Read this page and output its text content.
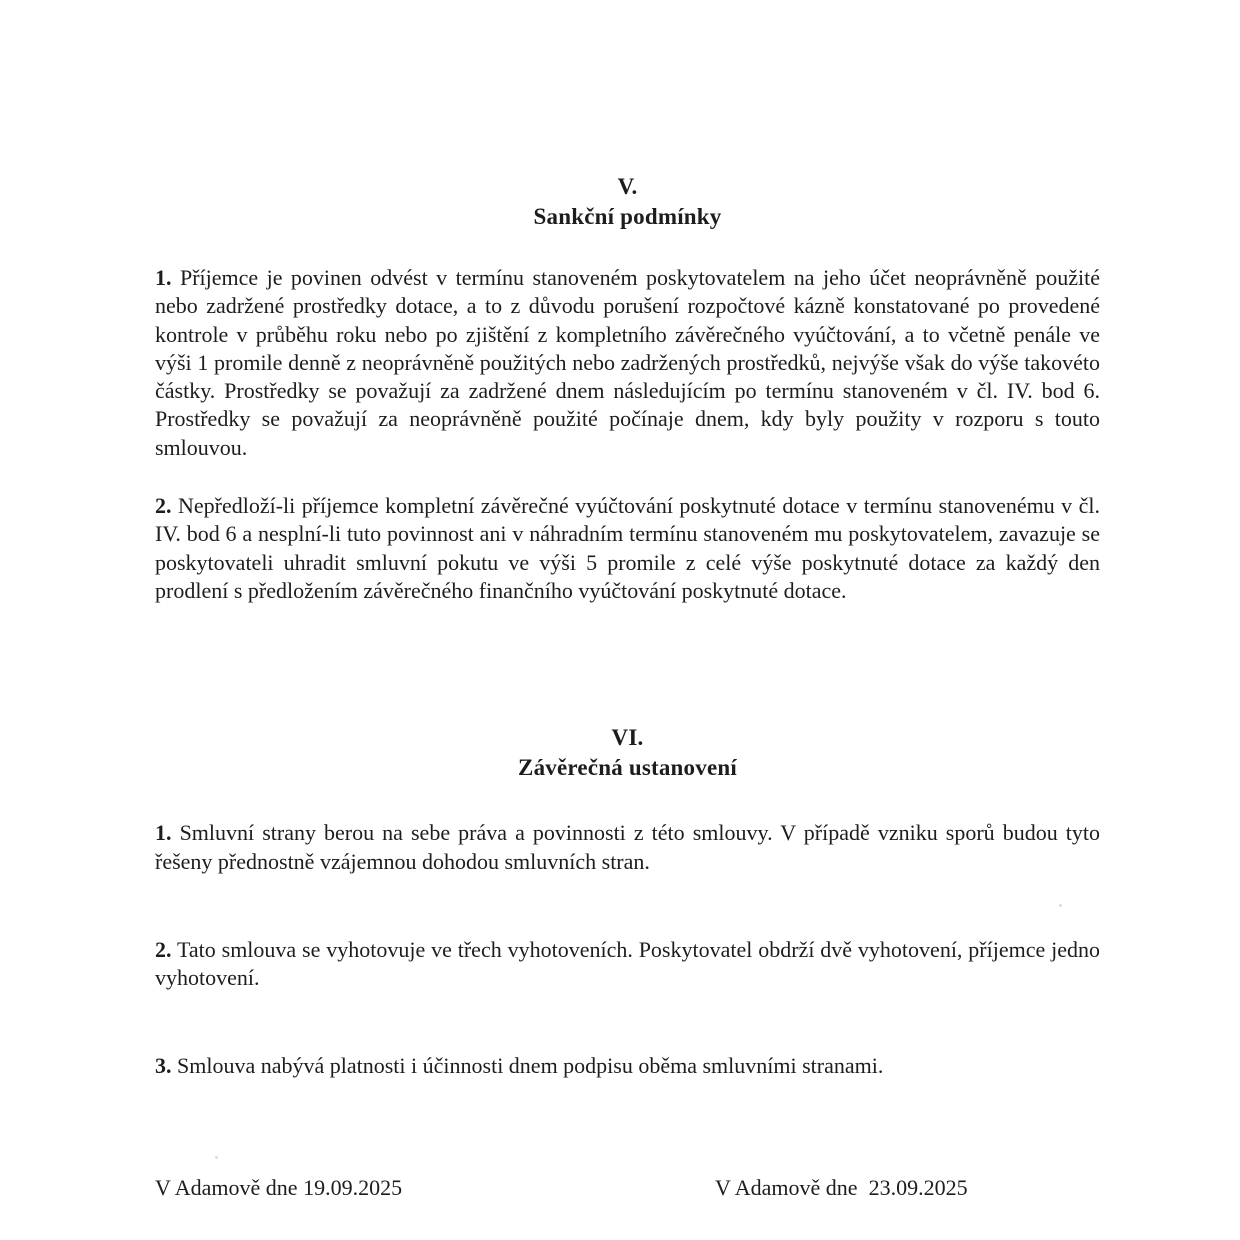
V.
Sankční podmínky

1. Příjemce je povinen odvést v termínu stanoveném poskytovatelem na jeho účet neoprávněně použité nebo zadržené prostředky dotace, a to z důvodu porušení rozpočtové kázně konstatované po provedené kontrole v průběhu roku nebo po zjištění z kompletního závěrečného vyúčtování, a to včetně penále ve výši 1 promile denně z neoprávněně použitých nebo zadržených prostředků, nejvýše však do výše takovéto částky. Prostředky se považují za zadržené dnem následujícím po termínu stanoveném v čl. IV. bod 6. Prostředky se považují za neoprávněně použité počínaje dnem, kdy byly použity v rozporu s touto smlouvou.

2. Nepředloží-li příjemce kompletní závěrečné vyúčtování poskytnuté dotace v termínu stanovenému v čl. IV. bod 6 a nesplní-li tuto povinnost ani v náhradním termínu stanoveném mu poskytovatelem, zavazuje se poskytovateli uhradit smluvní pokutu ve výši 5 promile z celé výše poskytnuté dotace za každý den prodlení s předložením závěrečného finančního vyúčtování poskytnuté dotace.

VI.
Závěrečná ustanovení

1. Smluvní strany berou na sebe práva a povinnosti z této smlouvy. V případě vzniku sporů budou tyto řešeny přednostně vzájemnou dohodou smluvních stran.

2. Tato smlouva se vyhotovuje ve třech vyhotoveních. Poskytovatel obdrží dvě vyhotovení, příjemce jedno vyhotovení.

3. Smlouva nabývá platnosti i účinnosti dnem podpisu oběma smluvními stranami.

V Adamově dne 19.09.2025	V Adamově dne  23.09.2025
